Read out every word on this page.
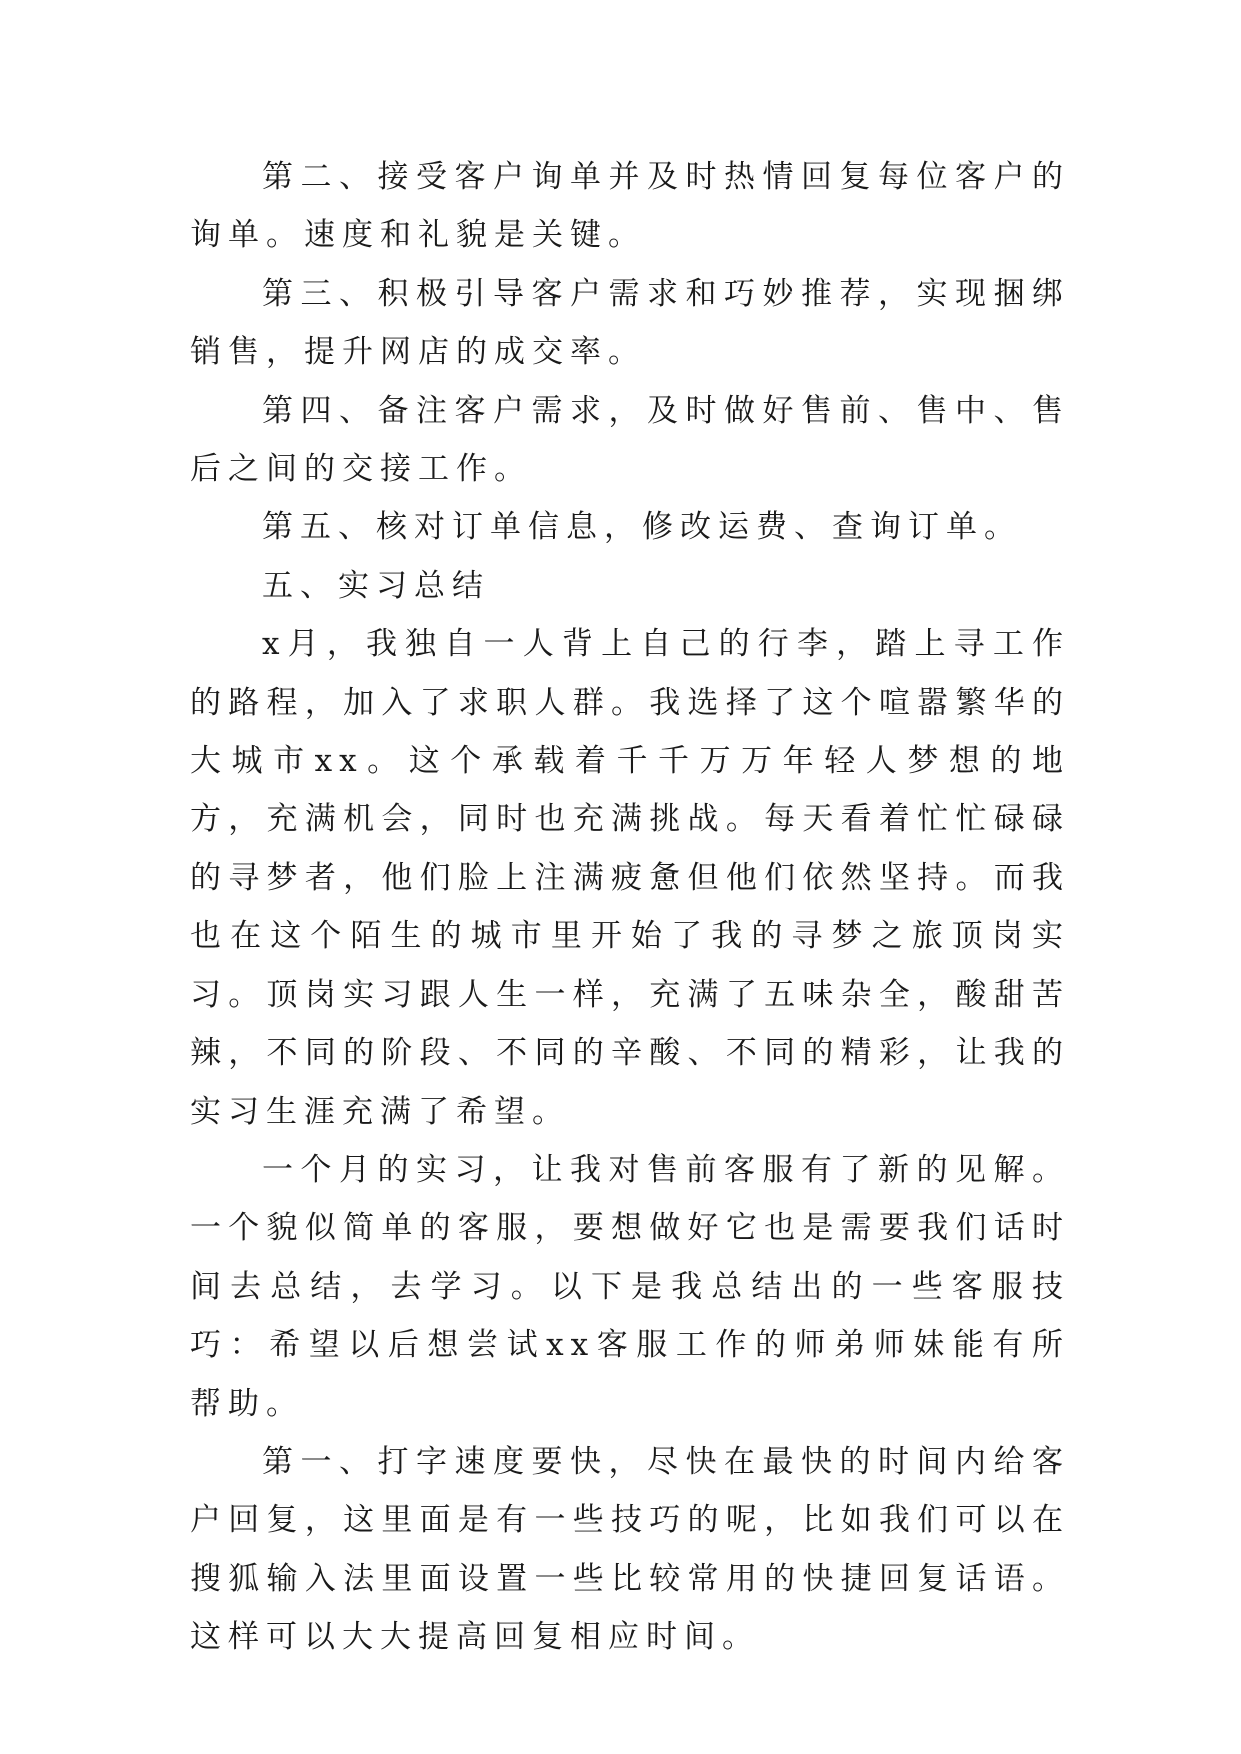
第二、接受客户询单并及时热情回复每位客户的询单。速度和礼貌是关键。

第三、积极引导客户需求和巧妙推荐，实现捆绑销售，提升网店的成交率。

第四、备注客户需求，及时做好售前、售中、售后之间的交接工作。

第五、核对订单信息，修改运费、查询订单。

五、实习总结

x月，我独自一人背上自己的行李，踏上寻工作的路程，加入了求职人群。我选择了这个喧嚣繁华的大城市xx。这个承载着千千万万年轻人梦想的地方，充满机会，同时也充满挑战。每天看着忙忙碌碌的寻梦者，他们脸上注满疲惫但他们依然坚持。而我也在这个陌生的城市里开始了我的寻梦之旅顶岗实习。顶岗实习跟人生一样，充满了五味杂全，酸甜苦辣，不同的阶段、不同的辛酸、不同的精彩，让我的实习生涯充满了希望。

一个月的实习，让我对售前客服有了新的见解。一个貌似简单的客服，要想做好它也是需要我们话时间去总结，去学习。以下是我总结出的一些客服技巧：希望以后想尝试xx客服工作的师弟师妹能有所帮助。

第一、打字速度要快，尽快在最快的时间内给客户回复，这里面是有一些技巧的呢，比如我们可以在搜狐输入法里面设置一些比较常用的快捷回复话语。这样可以大大提高回复相应时间。
